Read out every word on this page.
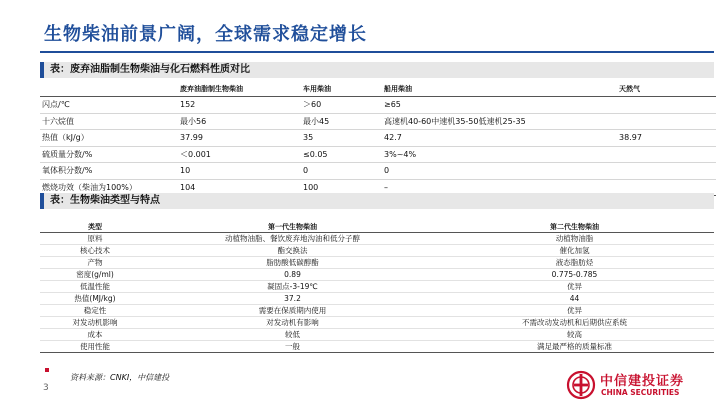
生物柴油前景广阔，全球需求稳定增长
表：废弃油脂制生物柴油与化石燃料性质对比
	废弃油脂制生物柴油	车用柴油	船用柴油	天然气
闪点/℃	152	＞60	≥65	
十六烷值	最小56	最小45	高速机40-60中速机35-50低速机25-35	
热值（kJ/g）	37.99	35	42.7	38.97
硫质量分数/%	＜0.001	≤0.05	3%~4%	
氧体积分数/%	10	0	0	
燃烧功效（柴油为100%）	104	100	–	
表：生物柴油类型与特点
类型	第一代生物柴油	第二代生物柴油
原料	动植物油脂、餐饮废弃地沟油和低分子醇	动植物油脂
核心技术	酯交换法	催化加氢
产物	脂肪酸低碳醇酯	液态脂肪烃
密度(g/ml)	0.89	0.775-0.785
低温性能	凝固点-3-19℃	优异
热值(MJ/kg)	37.2	44
稳定性	需要在保质期内使用	优异
对发动机影响	对发动机有影响	不需改动发动机和后期供应系统
成本	较低	较高
使用性能	一般	满足最严格的质量标准
资料来源：CNKI，中信建投
3	中信建投证券
CHINA SECURITIES
